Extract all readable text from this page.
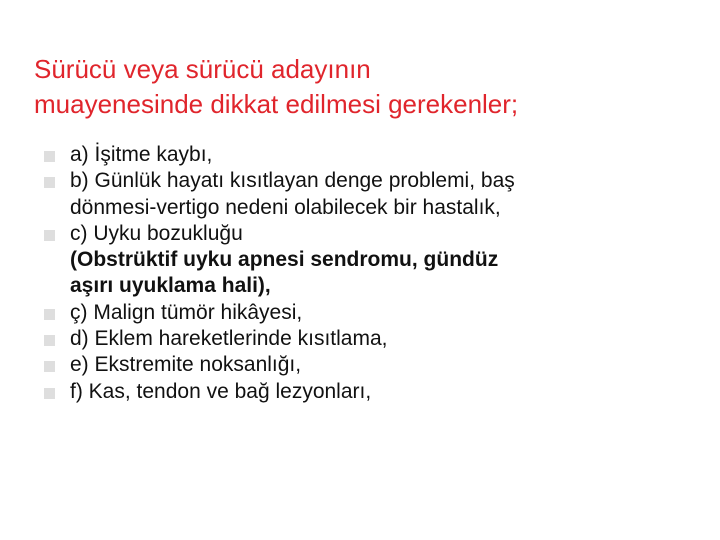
Sürücü veya sürücü adayının
muayenesinde dikkat edilmesi gerekenler;
a) İşitme kaybı,
b) Günlük hayatı kısıtlayan denge problemi, baş
dönmesi-vertigo nedeni olabilecek bir hastalık,
c) Uyku bozukluğu
(Obstrüktif uyku apnesi sendromu, gündüz
aşırı uyuklama hali),
ç) Malign tümör hikâyesi,
d) Eklem hareketlerinde kısıtlama,
e) Ekstremite noksanlığı,
f) Kas, tendon ve bağ lezyonları,
